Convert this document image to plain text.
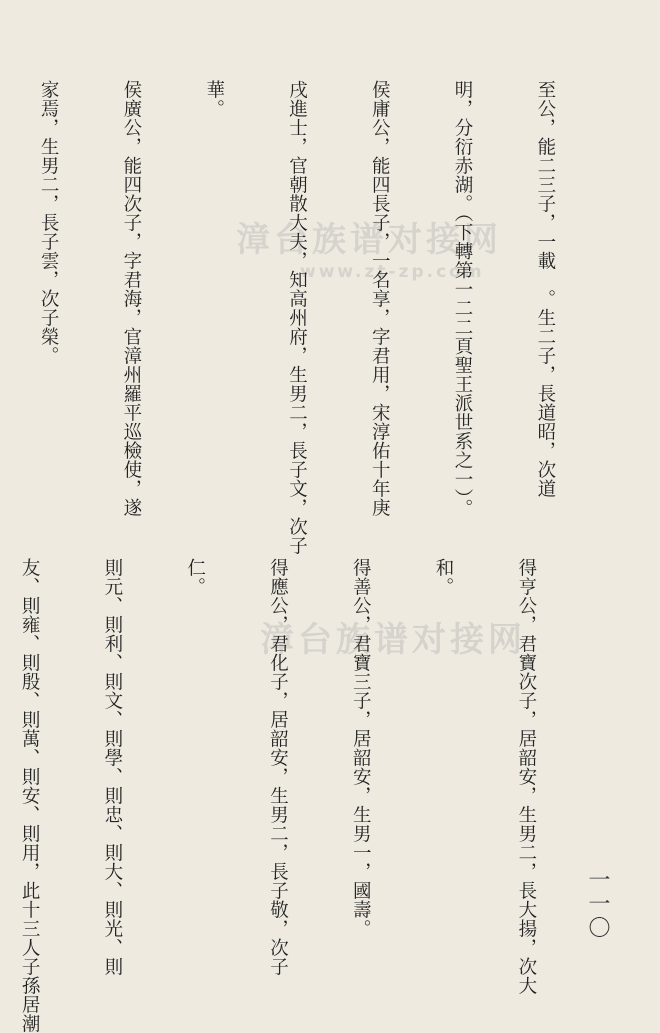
一一〇
漳台族谱对接网
www.zt-zp.com
漳台族谱对接网

至公，能二三子，一載　。生二子，長道昭，次道

明，分衍赤湖。（下轉第一二二頁聖王派世系之一）。

侯庸公，能四長子，一名享，字君用，宋淳佑十年庚

戌進士，官朝散大夫，知高州府，生男二，長子文，次子

華。

侯廣公，能四次子，字君海，官漳州羅平巡檢使，遂

家焉，生男二，長子雲，次子榮。

得亨公，君寶次子，居韶安，生男二，長大揚，次大

和。

得善公，君寶三子，居韶安，生男一，國壽。

得應公，君化子，居韶安，生男二，長子敬，次子

仁。

則元、則利、則文、則學、則忠、則大、則光、則

友、則雍、則殷、則萬、則安、則用，此十三人子孫居潮
